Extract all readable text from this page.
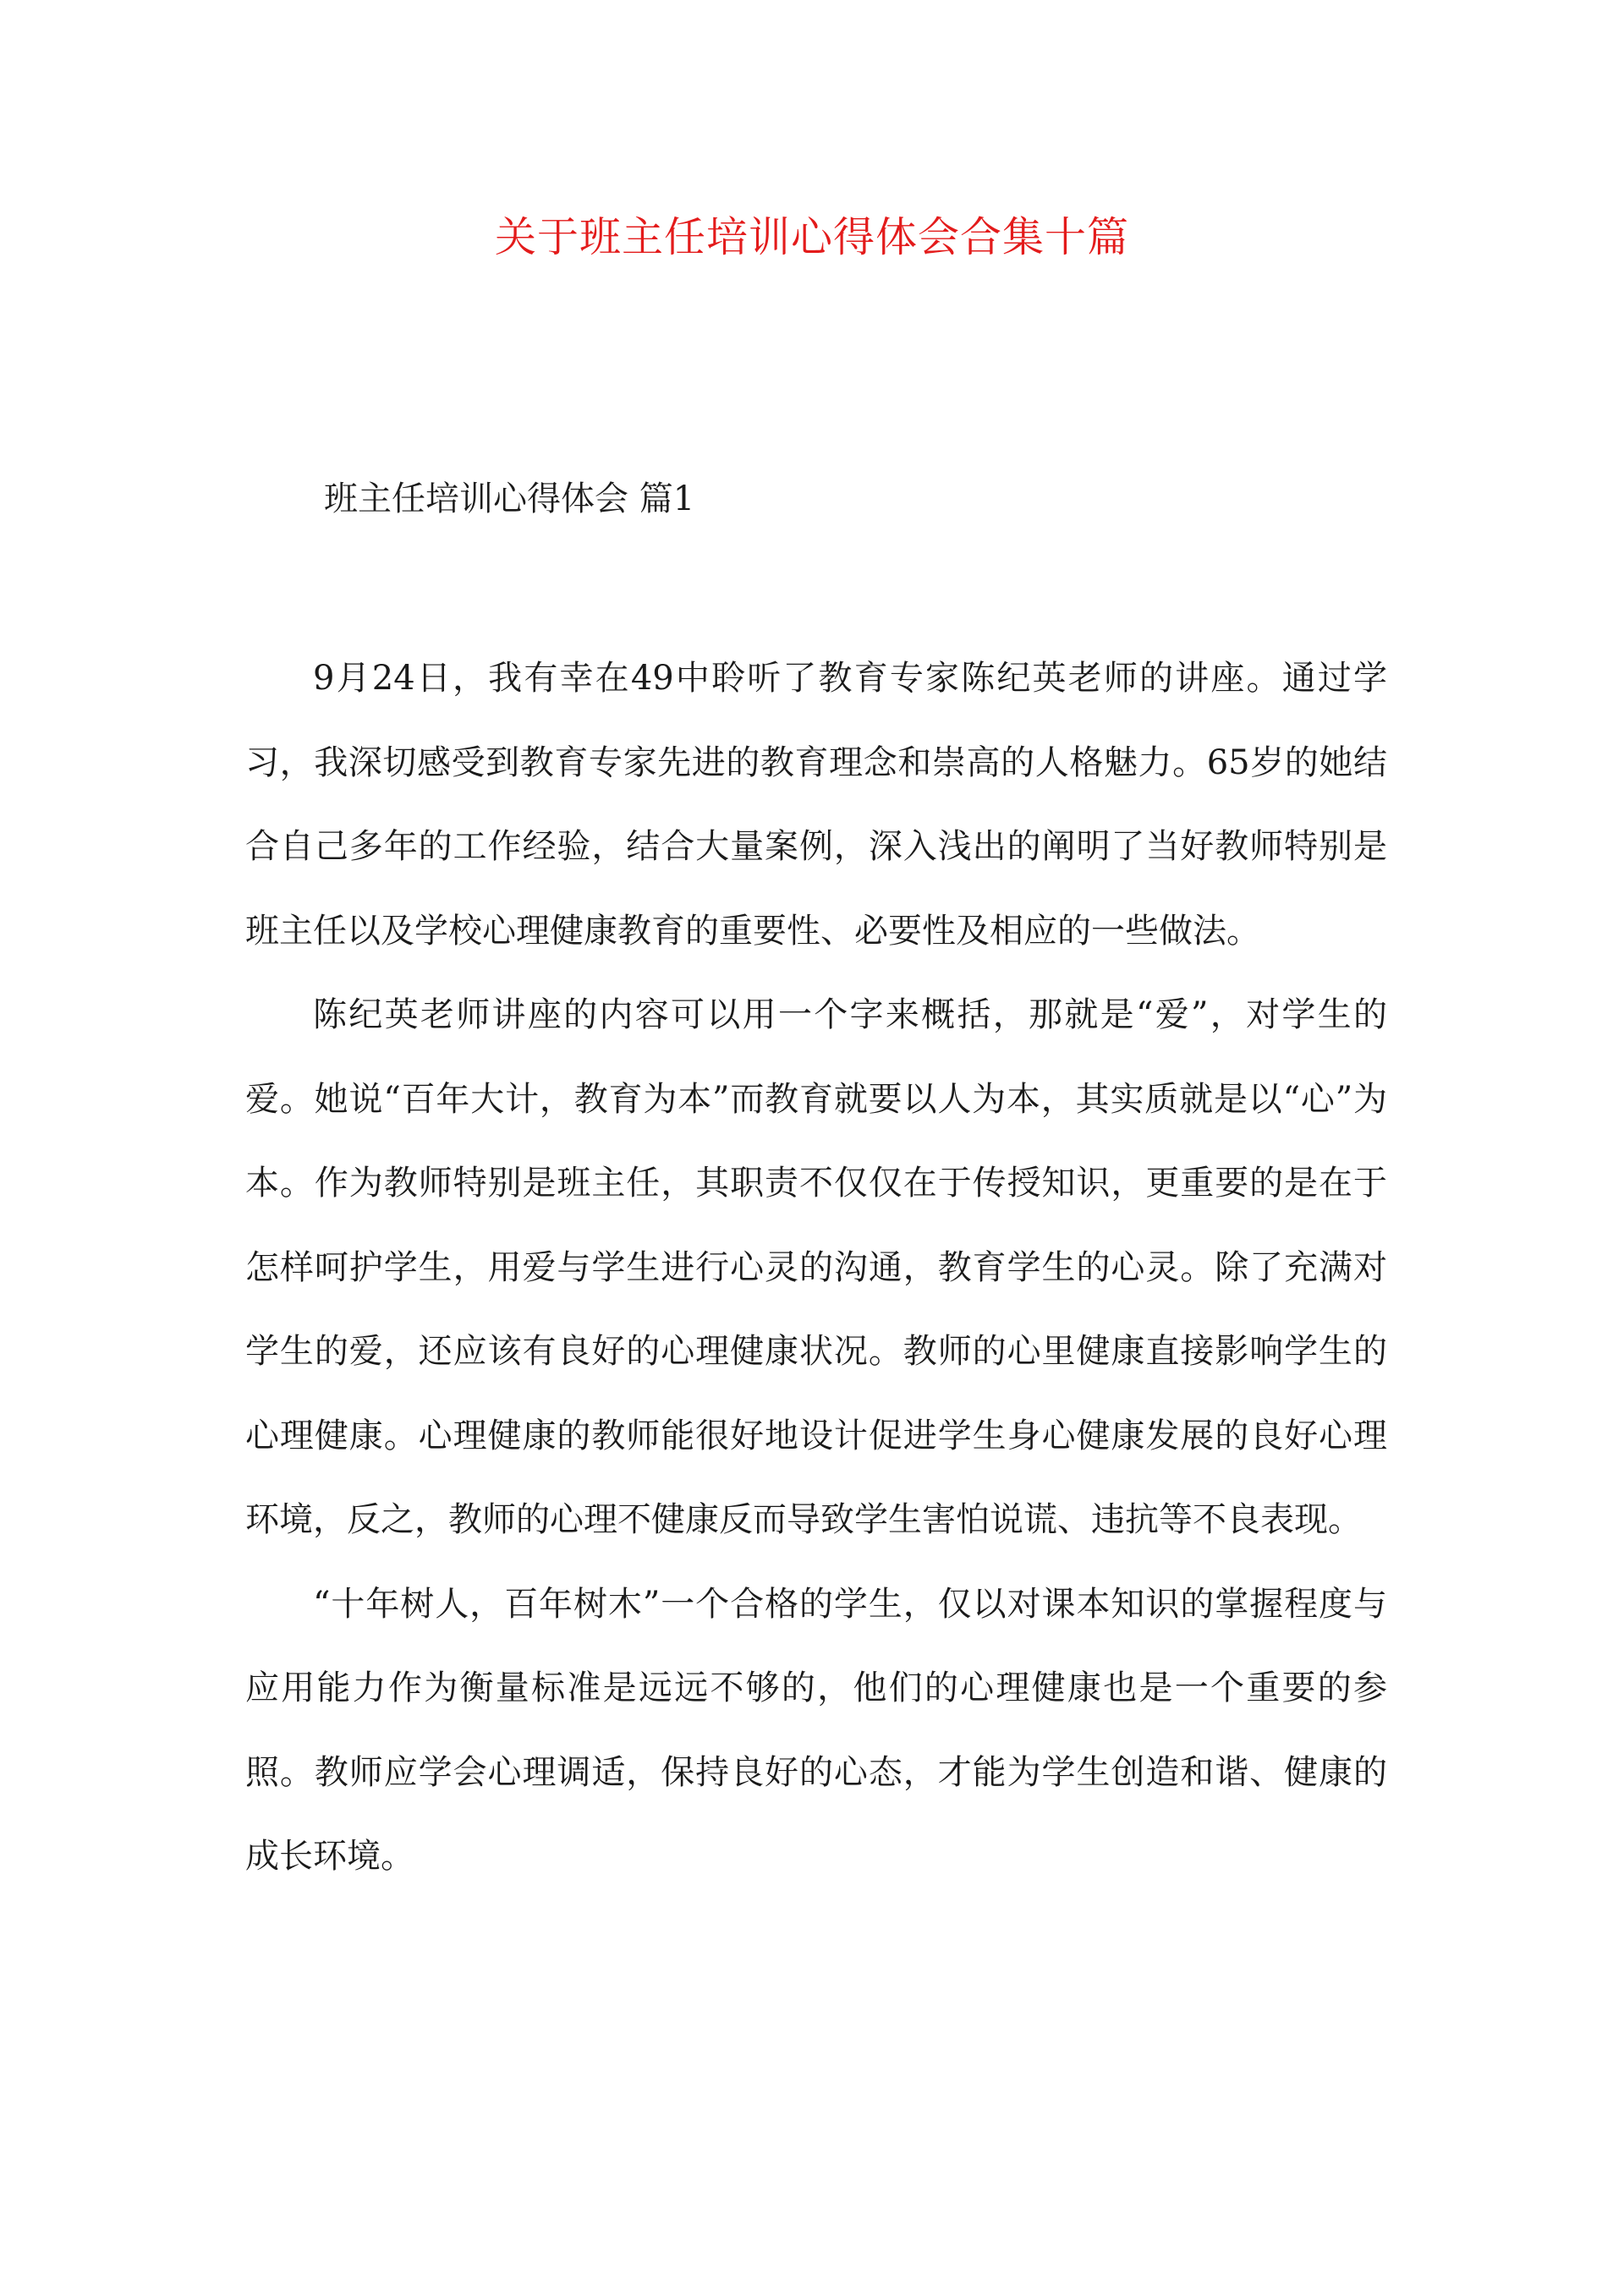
关于班主任培训心得体会合集十篇
班主任培训心得体会 篇1

9月24日，我有幸在49中聆听了教育专家陈纪英老师的讲座。通过学习，我深切感受到教育专家先进的教育理念和崇高的人格魅力。65岁的她结合自己多年的工作经验，结合大量案例，深入浅出的阐明了当好教师特别是班主任以及学校心理健康教育的重要性、必要性及相应的一些做法。

陈纪英老师讲座的内容可以用一个字来概括，那就是“爱”，对学生的爱。她说“百年大计，教育为本”而教育就要以人为本，其实质就是以“心”为本。作为教师特别是班主任，其职责不仅仅在于传授知识，更重要的是在于怎样呵护学生，用爱与学生进行心灵的沟通，教育学生的心灵。除了充满对学生的爱，还应该有良好的心理健康状况。教师的心里健康直接影响学生的心理健康。心理健康的教师能很好地设计促进学生身心健康发展的良好心理环境，反之，教师的心理不健康反而导致学生害怕说谎、违抗等不良表现。

“十年树人，百年树木”一个合格的学生，仅以对课本知识的掌握程度与应用能力作为衡量标准是远远不够的，他们的心理健康也是一个重要的参照。教师应学会心理调适，保持良好的心态，才能为学生创造和谐、健康的成长环境。
